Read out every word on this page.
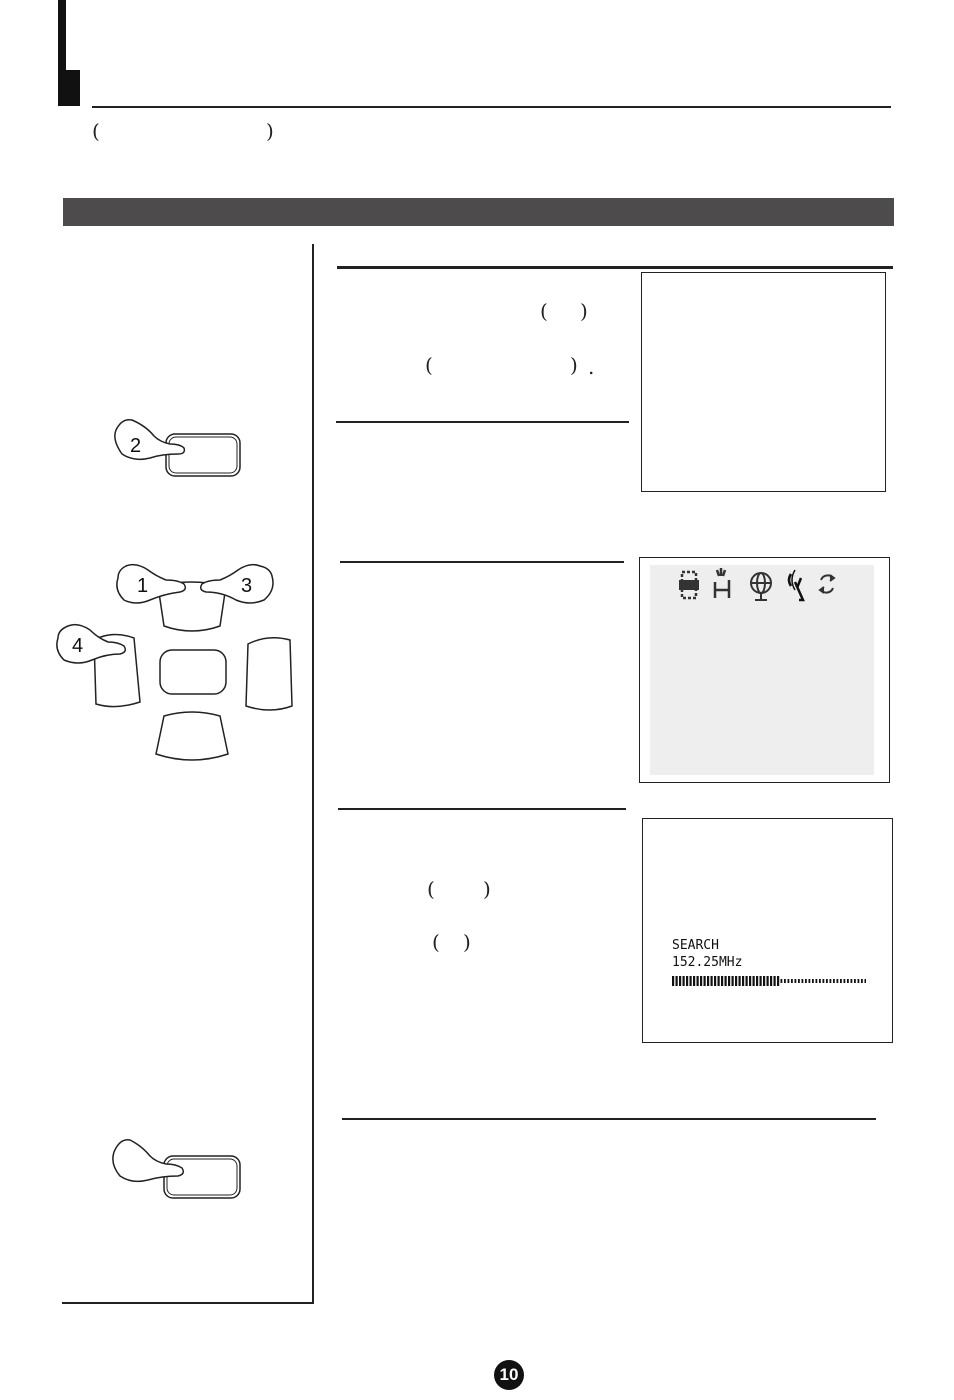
(	)
( )
(	) .
( )
( )	SEARCH
152.25MHz
2
1	3
4
10
